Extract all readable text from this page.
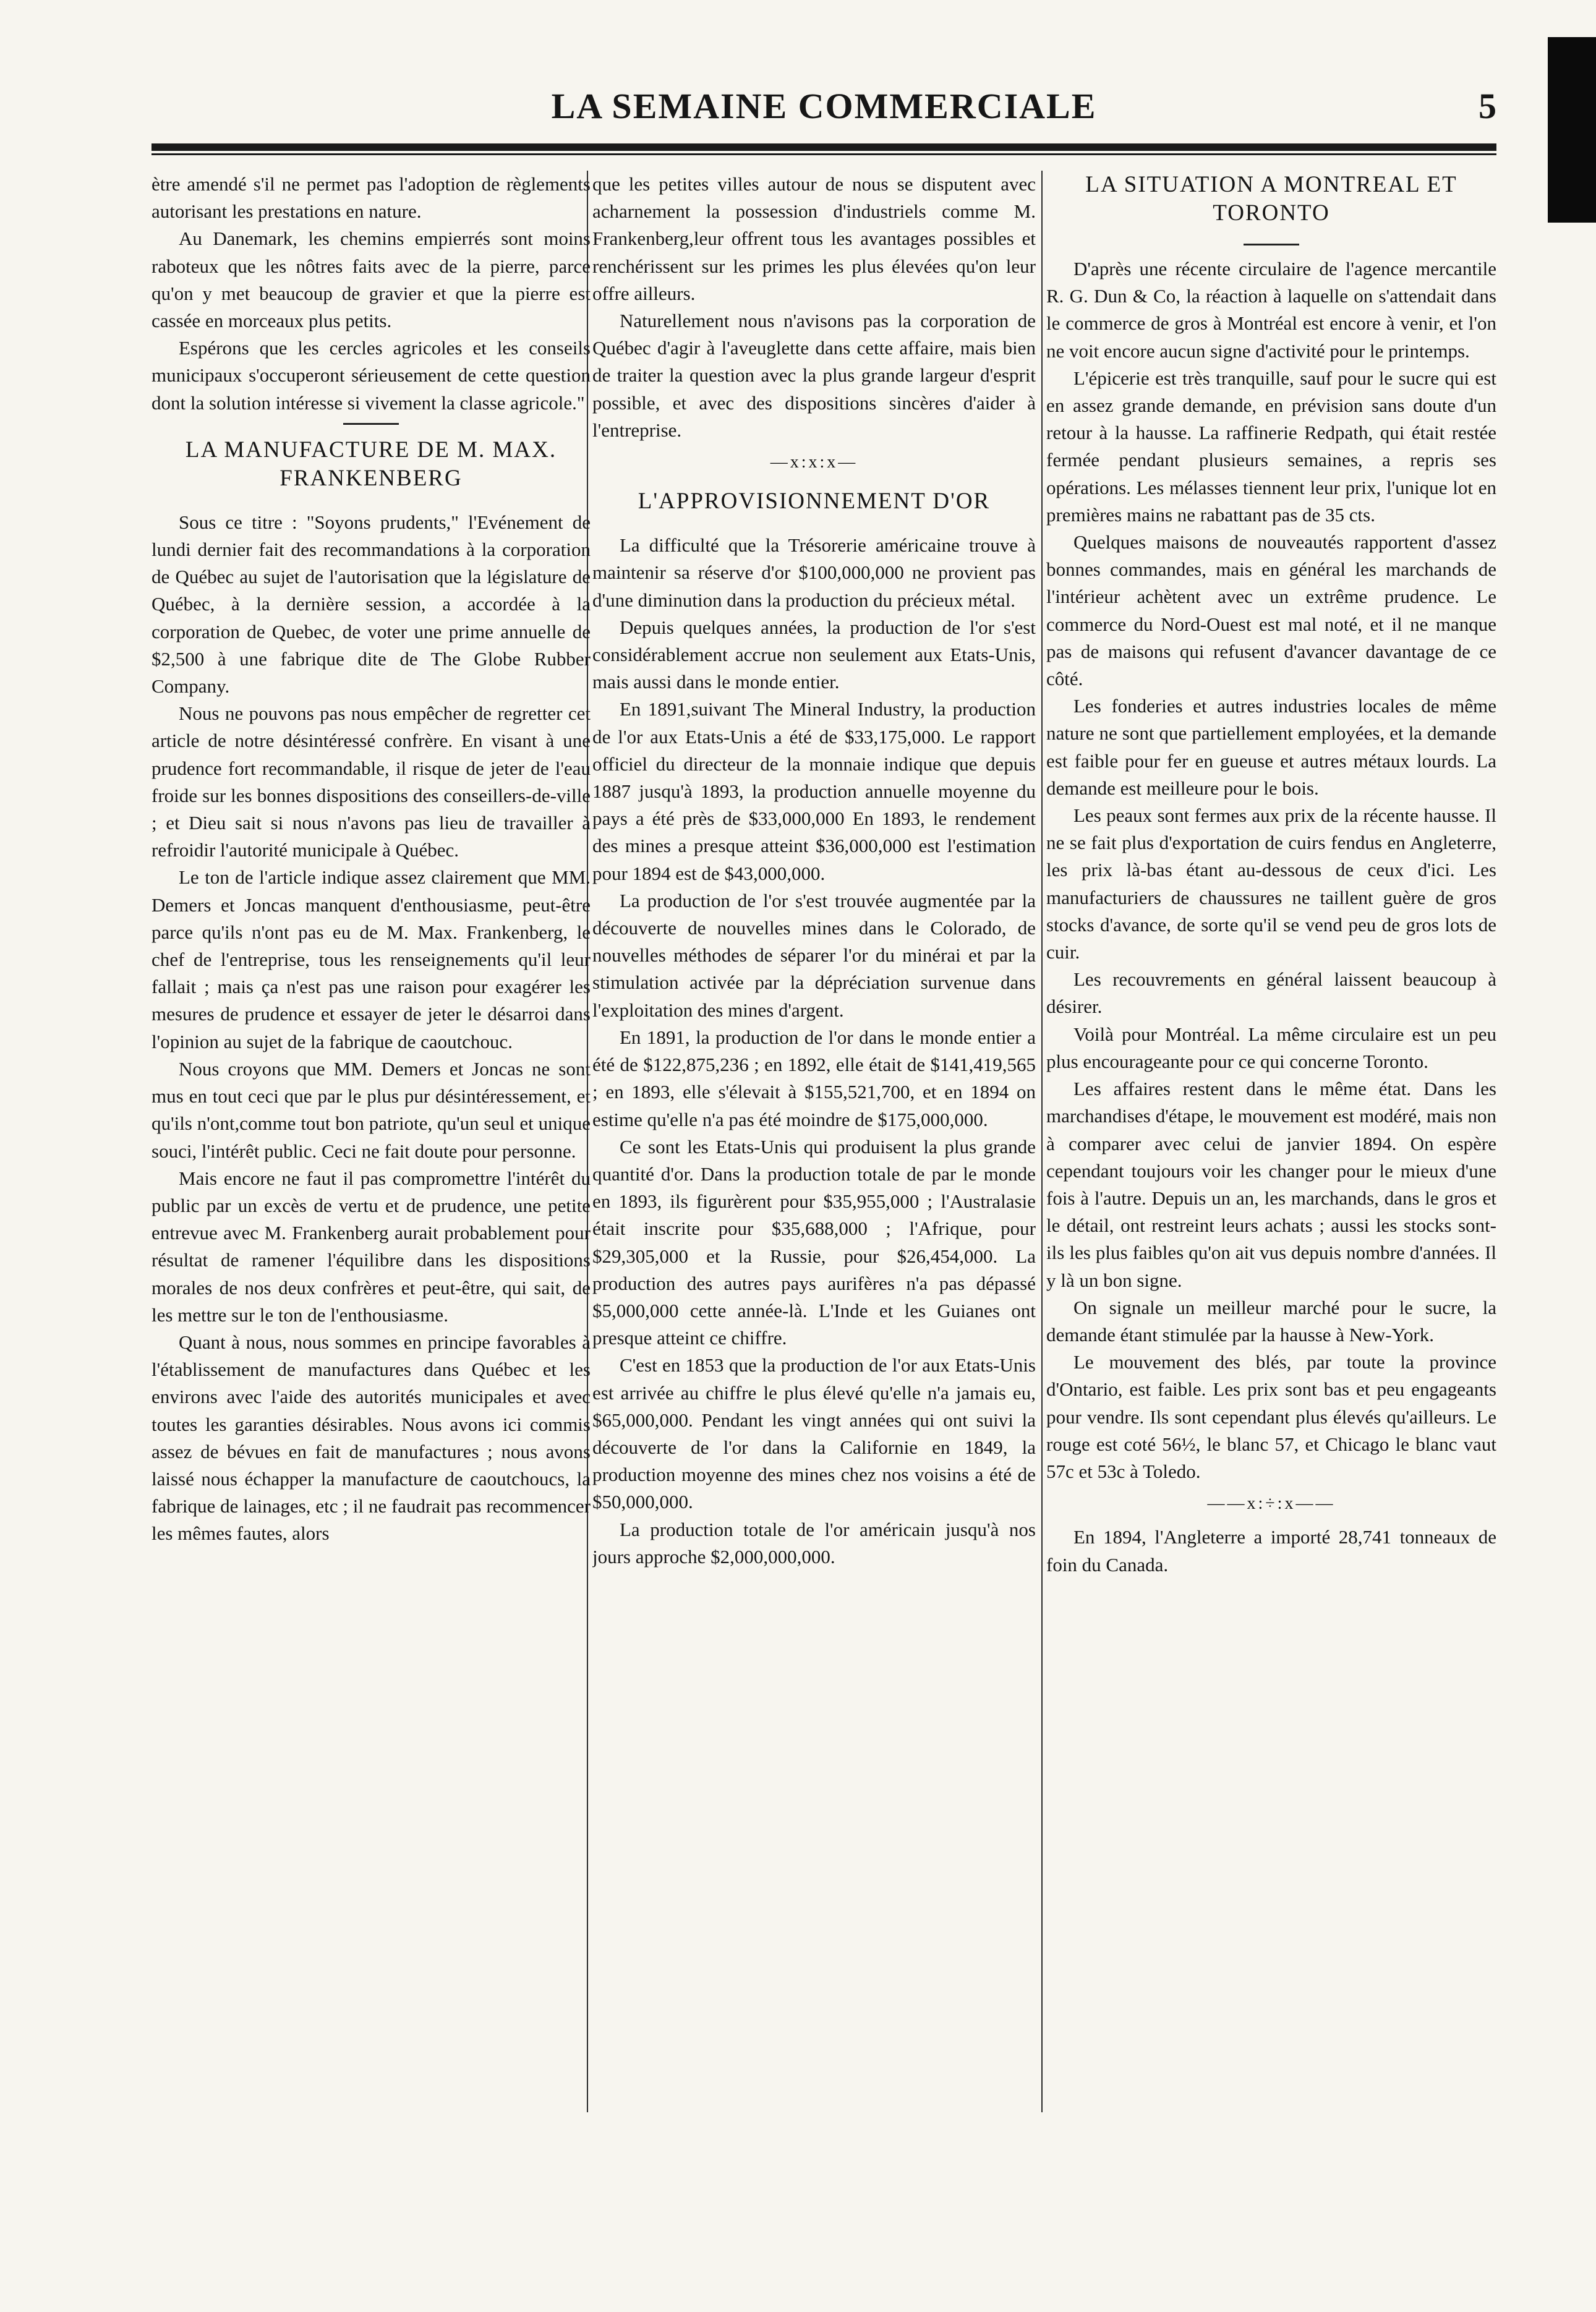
LA SEMAINE COMMERCIALE	5

ètre amendé s'il ne permet pas l'adoption de règlements autorisant les prestations en nature.

Au Danemark, les chemins empierrés sont moins raboteux que les nôtres faits avec de la pierre, parce qu'on y met beaucoup de gravier et que la pierre est cassée en morceaux plus petits.

Espérons que les cercles agricoles et les conseils municipaux s'occuperont sérieusement de cette question dont la solution intéresse si vivement la classe agricole."

LA MANUFACTURE DE M. MAX. FRANKENBERG

Sous ce titre : "Soyons prudents," l'Evénement de lundi dernier fait des recommandations à la corporation de Québec au sujet de l'autorisation que la législature de Québec, à la dernière session, a accordée à la corporation de Quebec, de voter une prime annuelle de $2,500 à une fabrique dite de The Globe Rubber Company.

Nous ne pouvons pas nous empêcher de regretter cet article de notre désintéressé confrère. En visant à une prudence fort recommandable, il risque de jeter de l'eau froide sur les bonnes dispositions des conseillers-de-ville ; et Dieu sait si nous n'avons pas lieu de travailler à refroidir l'autorité municipale à Québec.

Le ton de l'article indique assez clairement que MM. Demers et Joncas manquent d'enthousiasme, peut-être parce qu'ils n'ont pas eu de M. Max. Frankenberg, le chef de l'entreprise, tous les renseignements qu'il leur fallait ; mais ça n'est pas une raison pour exagérer les mesures de prudence et essayer de jeter le désarroi dans l'opinion au sujet de la fabrique de caoutchouc.

Nous croyons que MM. Demers et Joncas ne sont mus en tout ceci que par le plus pur désintéressement, et qu'ils n'ont,comme tout bon patriote, qu'un seul et unique souci, l'intérêt public. Ceci ne fait doute pour personne.

Mais encore ne faut il pas compromettre l'intérêt du public par un excès de vertu et de prudence, une petite entrevue avec M. Frankenberg aurait probablement pour résultat de ramener l'équilibre dans les dispositions morales de nos deux confrères et peut-être, qui sait, de les mettre sur le ton de l'enthousiasme.

Quant à nous, nous sommes en principe favorables à l'établissement de manufactures dans Québec et les environs avec l'aide des autorités municipales et avec toutes les garanties désirables. Nous avons ici commis assez de bévues en fait de manufactures ; nous avons laissé nous échapper la manufacture de caoutchoucs, la fabrique de lainages, etc ; il ne faudrait pas recommencer les mêmes fautes, alors

que les petites villes autour de nous se disputent avec acharnement la possession d'industriels comme M. Frankenberg,leur offrent tous les avantages possibles et renchérissent sur les primes les plus élevées qu'on leur offre ailleurs.

Naturellement nous n'avisons pas la corporation de Québec d'agir à l'aveuglette dans cette affaire, mais bien de traiter la question avec la plus grande largeur d'esprit possible, et avec des dispositions sincères d'aider à l'entreprise.

—x:x:x—
L'APPROVISIONNEMENT D'OR

La difficulté que la Trésorerie américaine trouve à maintenir sa réserve d'or $100,000,000 ne provient pas d'une diminution dans la production du précieux métal.

Depuis quelques années, la production de l'or s'est considérablement accrue non seulement aux Etats-Unis, mais aussi dans le monde entier.

En 1891,suivant The Mineral Industry, la production de l'or aux Etats-Unis a été de $33,175,000. Le rapport officiel du directeur de la monnaie indique que depuis 1887 jusqu'à 1893, la production annuelle moyenne du pays a été près de $33,000,000 En 1893, le rendement des mines a presque atteint $36,000,000 est l'estimation pour 1894 est de $43,000,000.

La production de l'or s'est trouvée augmentée par la découverte de nouvelles mines dans le Colorado, de nouvelles méthodes de séparer l'or du minérai et par la stimulation activée par la dépréciation survenue dans l'exploitation des mines d'argent.

En 1891, la production de l'or dans le monde entier a été de $122,875,236 ; en 1892, elle était de $141,419,565 ; en 1893, elle s'élevait à $155,521,700, et en 1894 on estime qu'elle n'a pas été moindre de $175,000,000.

Ce sont les Etats-Unis qui produisent la plus grande quantité d'or. Dans la production totale de par le monde en 1893, ils figurèrent pour $35,955,000 ; l'Australasie était inscrite pour $35,688,000 ; l'Afrique, pour $29,305,000 et la Russie, pour $26,454,000. La production des autres pays aurifères n'a pas dépassé $5,000,000 cette année-là. L'Inde et les Guianes ont presque atteint ce chiffre.

C'est en 1853 que la production de l'or aux Etats-Unis est arrivée au chiffre le plus élevé qu'elle n'a jamais eu, $65,000,000. Pendant les vingt années qui ont suivi la découverte de l'or dans la Californie en 1849, la production moyenne des mines chez nos voisins a été de $50,000,000.

La production totale de l'or américain jusqu'à nos jours approche $2,000,000,000.

LA SITUATION A MONTREAL ET TORONTO

D'après une récente circulaire de l'agence mercantile R. G. Dun & Co, la réaction à laquelle on s'attendait dans le commerce de gros à Montréal est encore à venir, et l'on ne voit encore aucun signe d'activité pour le printemps.

L'épicerie est très tranquille, sauf pour le sucre qui est en assez grande demande, en prévision sans doute d'un retour à la hausse. La raffinerie Redpath, qui était restée fermée pendant plusieurs semaines, a repris ses opérations. Les mélasses tiennent leur prix, l'unique lot en premières mains ne rabattant pas de 35 cts.

Quelques maisons de nouveautés rapportent d'assez bonnes commandes, mais en général les marchands de l'intérieur achètent avec un extrême prudence. Le commerce du Nord-Ouest est mal noté, et il ne manque pas de maisons qui refusent d'avancer davantage de ce côté.

Les fonderies et autres industries locales de même nature ne sont que partiellement employées, et la demande est faible pour fer en gueuse et autres métaux lourds. La demande est meilleure pour le bois.

Les peaux sont fermes aux prix de la récente hausse. Il ne se fait plus d'exportation de cuirs fendus en Angleterre, les prix là-bas étant au-dessous de ceux d'ici. Les manufacturiers de chaussures ne taillent guère de gros stocks d'avance, de sorte qu'il se vend peu de gros lots de cuir.

Les recouvrements en général laissent beaucoup à désirer.

Voilà pour Montréal. La même circulaire est un peu plus encourageante pour ce qui concerne Toronto.

Les affaires restent dans le même état. Dans les marchandises d'étape, le mouvement est modéré, mais non à comparer avec celui de janvier 1894. On espère cependant toujours voir les changer pour le mieux d'une fois à l'autre. Depuis un an, les marchands, dans le gros et le détail, ont restreint leurs achats ; aussi les stocks sont-ils les plus faibles qu'on ait vus depuis nombre d'années. Il y là un bon signe.

On signale un meilleur marché pour le sucre, la demande étant stimulée par la hausse à New-York.

Le mouvement des blés, par toute la province d'Ontario, est faible. Les prix sont bas et peu engageants pour vendre. Ils sont cependant plus élevés qu'ailleurs. Le rouge est coté 56½, le blanc 57, et Chicago le blanc vaut 57c et 53c à Toledo.

——x:÷:x——

En 1894, l'Angleterre a importé 28,741 tonneaux de foin du Canada.
